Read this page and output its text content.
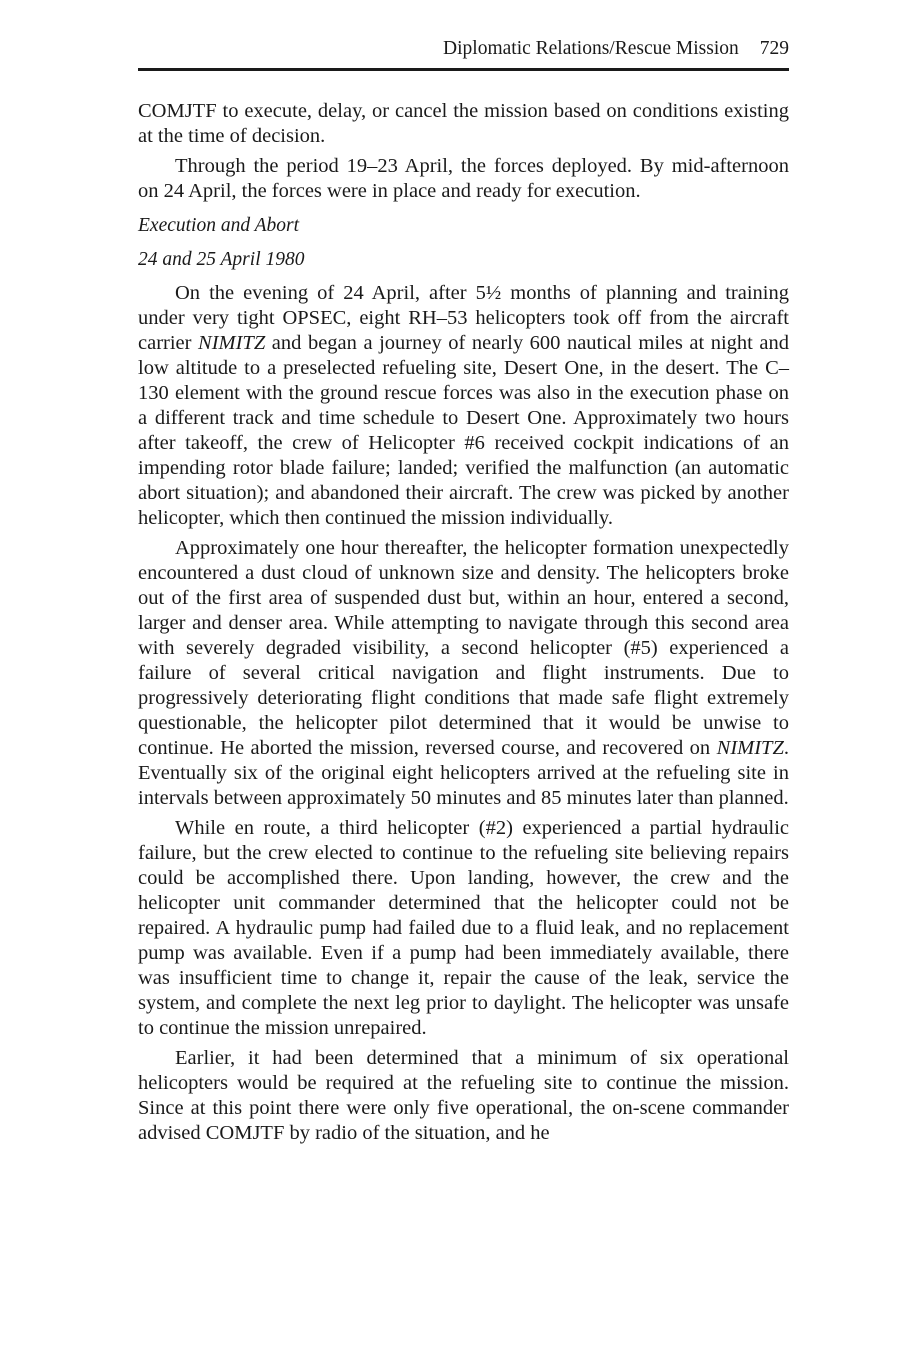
Diplomatic Relations/Rescue Mission 729

COMJTF to execute, delay, or cancel the mission based on conditions existing at the time of decision.

Through the period 19–23 April, the forces deployed. By mid-afternoon on 24 April, the forces were in place and ready for execution.

Execution and Abort
24 and 25 April 1980

On the evening of 24 April, after 5½ months of planning and training under very tight OPSEC, eight RH–53 helicopters took off from the aircraft carrier NIMITZ and began a journey of nearly 600 nautical miles at night and low altitude to a preselected refueling site, Desert One, in the desert. The C–130 element with the ground rescue forces was also in the execution phase on a different track and time schedule to Desert One. Approximately two hours after takeoff, the crew of Helicopter #6 received cockpit indications of an impending rotor blade failure; landed; verified the malfunction (an automatic abort situation); and abandoned their aircraft. The crew was picked by another helicopter, which then continued the mission individually.

Approximately one hour thereafter, the helicopter formation unexpectedly encountered a dust cloud of unknown size and density. The helicopters broke out of the first area of suspended dust but, within an hour, entered a second, larger and denser area. While attempting to navigate through this second area with severely degraded visibility, a second helicopter (#5) experienced a failure of several critical navigation and flight instruments. Due to progressively deteriorating flight conditions that made safe flight extremely questionable, the helicopter pilot determined that it would be unwise to continue. He aborted the mission, reversed course, and recovered on NIMITZ. Eventually six of the original eight helicopters arrived at the refueling site in intervals between approximately 50 minutes and 85 minutes later than planned.

While en route, a third helicopter (#2) experienced a partial hydraulic failure, but the crew elected to continue to the refueling site believing repairs could be accomplished there. Upon landing, however, the crew and the helicopter unit commander determined that the helicopter could not be repaired. A hydraulic pump had failed due to a fluid leak, and no replacement pump was available. Even if a pump had been immediately available, there was insufficient time to change it, repair the cause of the leak, service the system, and complete the next leg prior to daylight. The helicopter was unsafe to continue the mission unrepaired.

Earlier, it had been determined that a minimum of six operational helicopters would be required at the refueling site to continue the mission. Since at this point there were only five operational, the on-scene commander advised COMJTF by radio of the situation, and he
